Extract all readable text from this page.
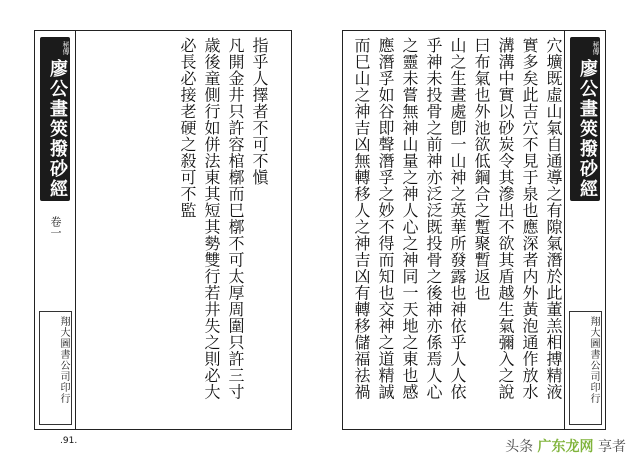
指乎人擇者不可不愼
凡開金井只許容棺槨而巳槨不可太厚周圍只許三寸
歳後童側行如併法東其短其勢雙行若井失之則必大
必長必接老硬之殺可不監
秘傳
廖公畫筴撥砂經
卷一
翔大圖書公司印行
秘傳
廖公畫筴撥砂經
翔大圖書公司印行
穴壙既虛山氣自通導之有隙氣潛於此董羔相搏精液
實多矣此吉穴不見于泉也應深者内外黃泡通作放水
溝溝中實以砂炭令其滲出不欲其盾越生氣彌入之說
曰布氣也外池欲低鋼合之蹔聚暫返也
山之生晝處卽一山神之英華所發露也神依乎人人依
乎神未投骨之前神亦泛泛既投骨之後神亦係焉人心
之靈未嘗無神山量之神人心之神同一天地之東也感
應潛孚如谷即聲潛孚之妙不得而知也交神之道精誠
而巳山之神吉凶無轉移人之神吉凶有轉移儲福祛禍
.91.	头条 广东龙网 享者
